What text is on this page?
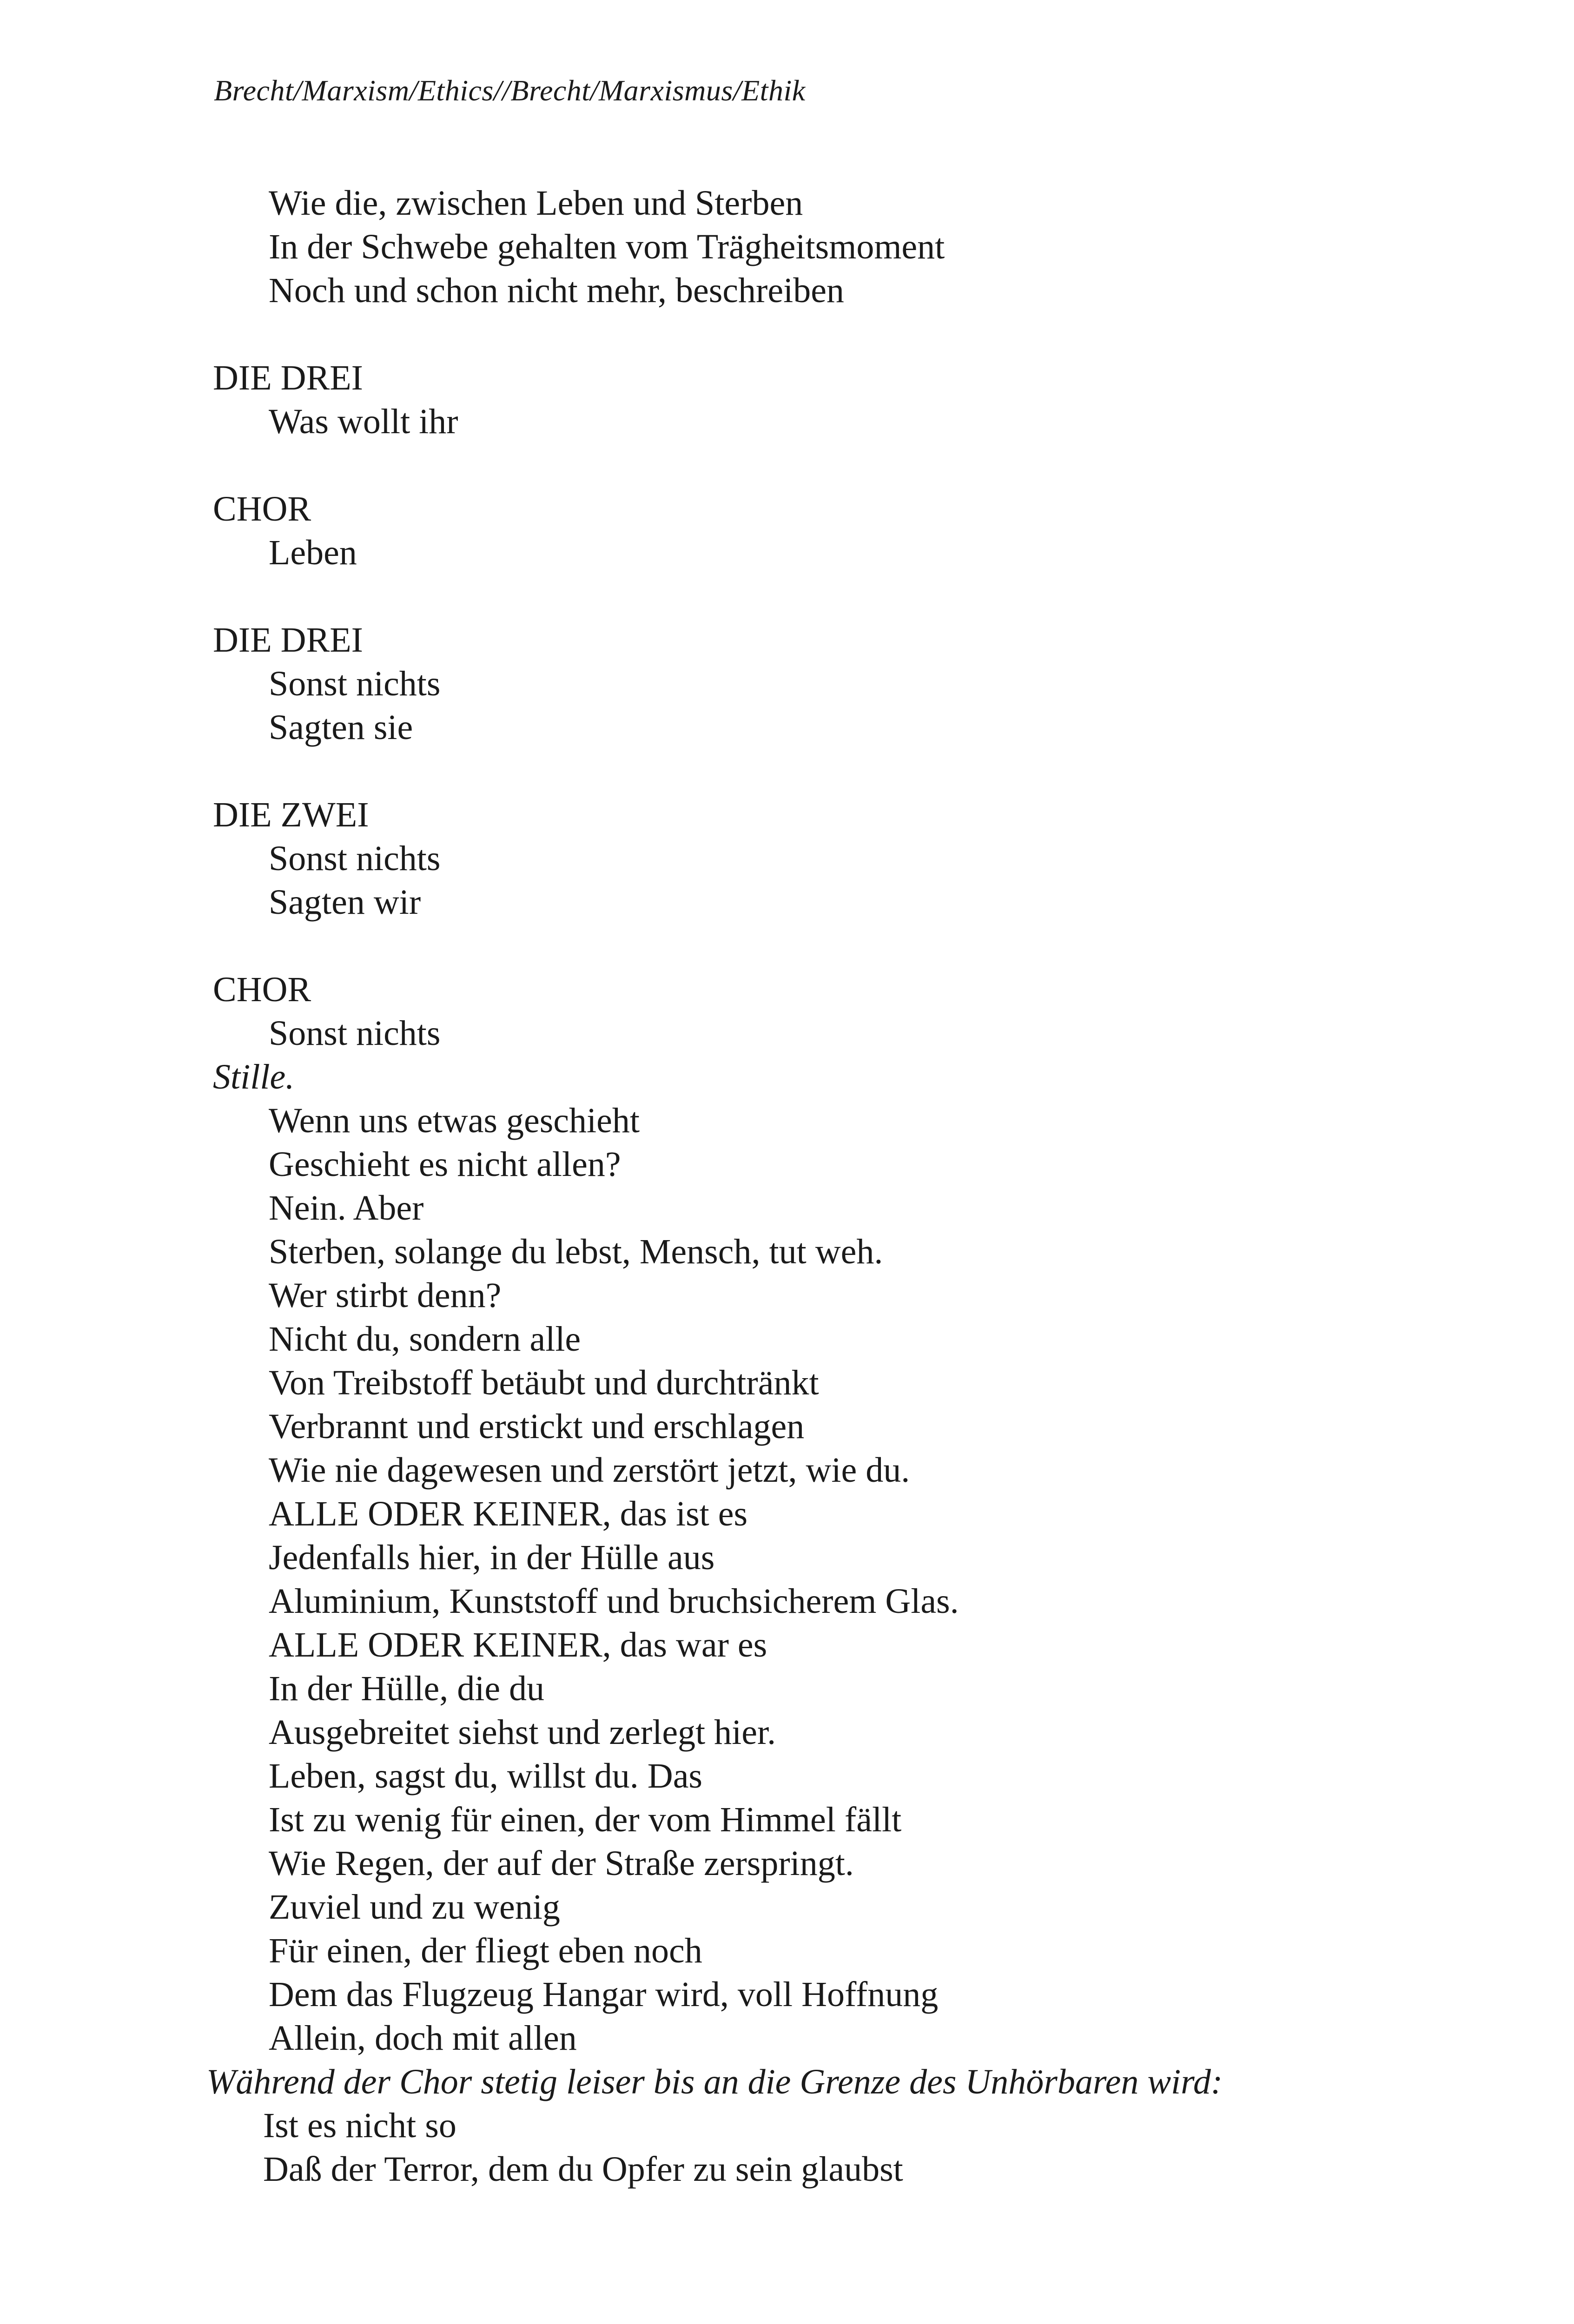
Brecht/Marxism/Ethics//Brecht/Marxismus/Ethik
Wie die, zwischen Leben und Sterben
In der Schwebe gehalten vom Trägheitsmoment
Noch und schon nicht mehr, beschreiben
DIE DREI
Was wollt ihr
CHOR
Leben
DIE DREI
Sonst nichts
Sagten sie
DIE ZWEI
Sonst nichts
Sagten wir
CHOR
Sonst nichts
Stille.
Wenn uns etwas geschieht
Geschieht es nicht allen?
Nein. Aber
Sterben, solange du lebst, Mensch, tut weh.
Wer stirbt denn?
Nicht du, sondern alle
Von Treibstoff betäubt und durchtränkt
Verbrannt und erstickt und erschlagen
Wie nie dagewesen und zerstört jetzt, wie du.
ALLE ODER KEINER, das ist es
Jedenfalls hier, in der Hülle aus
Aluminium, Kunststoff und bruchsicherem Glas.
ALLE ODER KEINER, das war es
In der Hülle, die du
Ausgebreitet siehst und zerlegt hier.
Leben, sagst du, willst du. Das
Ist zu wenig für einen, der vom Himmel fällt
Wie Regen, der auf der Straße zerspringt.
Zuviel und zu wenig
Für einen, der fliegt eben noch
Dem das Flugzeug Hangar wird, voll Hoffnung
Allein, doch mit allen
Während der Chor stetig leiser bis an die Grenze des Unhörbaren wird:
Ist es nicht so
Daß der Terror, dem du Opfer zu sein glaubst
